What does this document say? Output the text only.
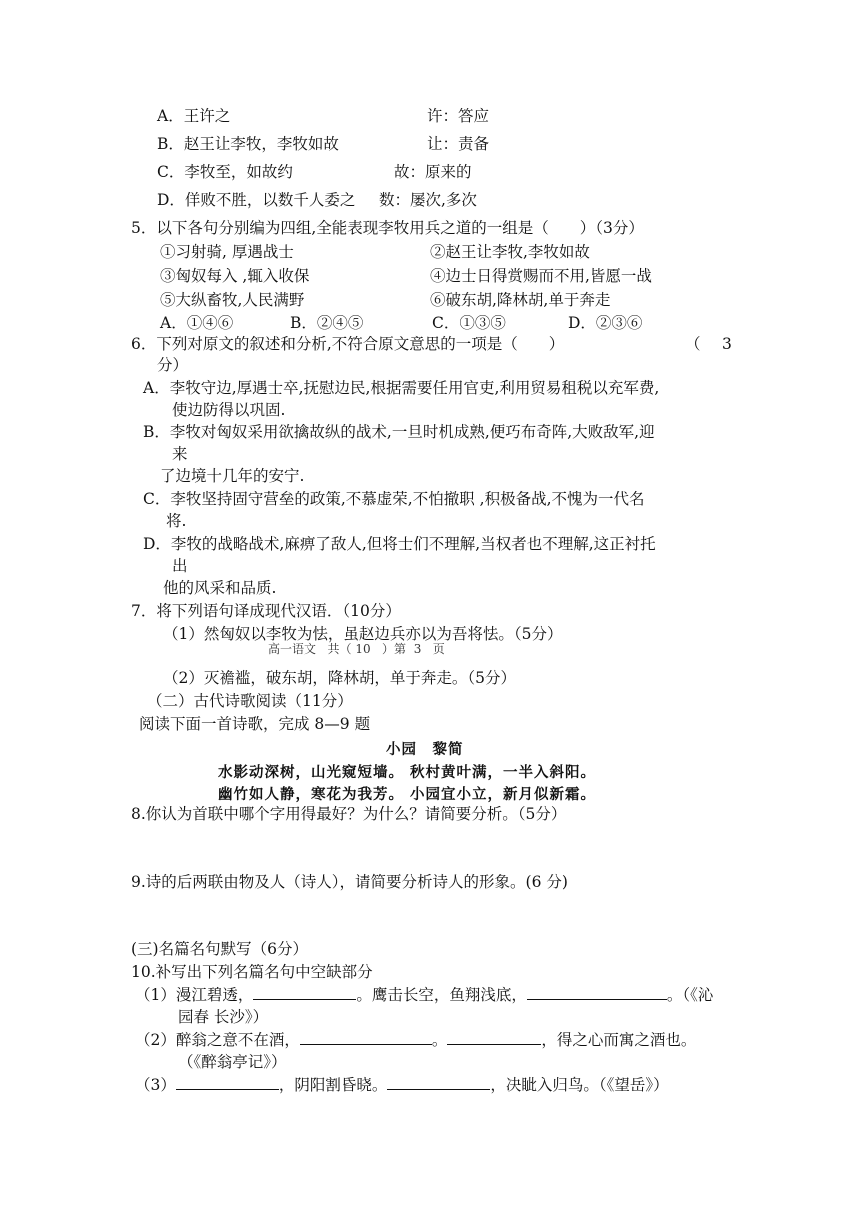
A．王许之	许：答应
B．赵王让李牧，李牧如故	让：责备
C．李牧至，如故约	故：原来的
D．佯败不胜，以数千人委之 数：屡次,多次
5．以下各句分别编为四组,全能表现李牧用兵之道的一组是（　　）（3分）
①习射骑, 厚遇战士	②赵王让李牧,李牧如故
③匈奴每入 ,辄入收保	④边士日得赏赐而不用,皆愿一战
⑤大纵畜牧,人民满野	⑥破东胡,降林胡,单于奔走
A．①④⑥	B．②④⑤	C．①③⑤	D．②③⑥
6．下列对原文的叙述和分析,不符合原文意思的一项是（　　）	（ 3
分）
A．李牧守边,厚遇士卒,抚慰边民,根据需要任用官吏,利用贸易租税以充军费,
使边防得以巩固.
B．李牧对匈奴采用欲擒故纵的战术,一旦时机成熟,便巧布奇阵,大败敌军,迎
来
了边境十几年的安宁.
C．李牧坚持固守营垒的政策,不慕虚荣,不怕撤职 ,积极备战,不愧为一代名
将.
D．李牧的战略战术,麻痹了敌人,但将士们不理解,当权者也不理解,这正衬托
出
他的风采和品质.
7．将下列语句译成现代汉语．（10分）
（1）然匈奴以李牧为怯，虽赵边兵亦以为吾将怯。（5分）
高一语文 共（ 10 ）第 3 页
（2）灭襜褴，破东胡，降林胡，单于奔走。（5分）
（二）古代诗歌阅读（11分）
阅读下面一首诗歌，完成 8—9 题
小园　黎简
水影动深树，山光窥短墙。 秋村黄叶满，一半入斜阳。
幽竹如人静，寒花为我芳。 小园宜小立，新月似新霜。
8.你认为首联中哪个字用得最好？为什么？请简要分析。（5分）
9.诗的后两联由物及人（诗人），请简要分析诗人的形象。(6 分)
(三)名篇名句默写（6分）
10.补写出下列名篇名句中空缺部分
（1）漫江碧透，	。鹰击长空，鱼翔浅底，	。（《沁
园春 长沙》）
（2）醉翁之意不在酒，	。	，得之心而寓之酒也。
（《醉翁亭记》）
（3）	，阴阳割昏晓。	，决眦入归鸟。（《望岳》）
